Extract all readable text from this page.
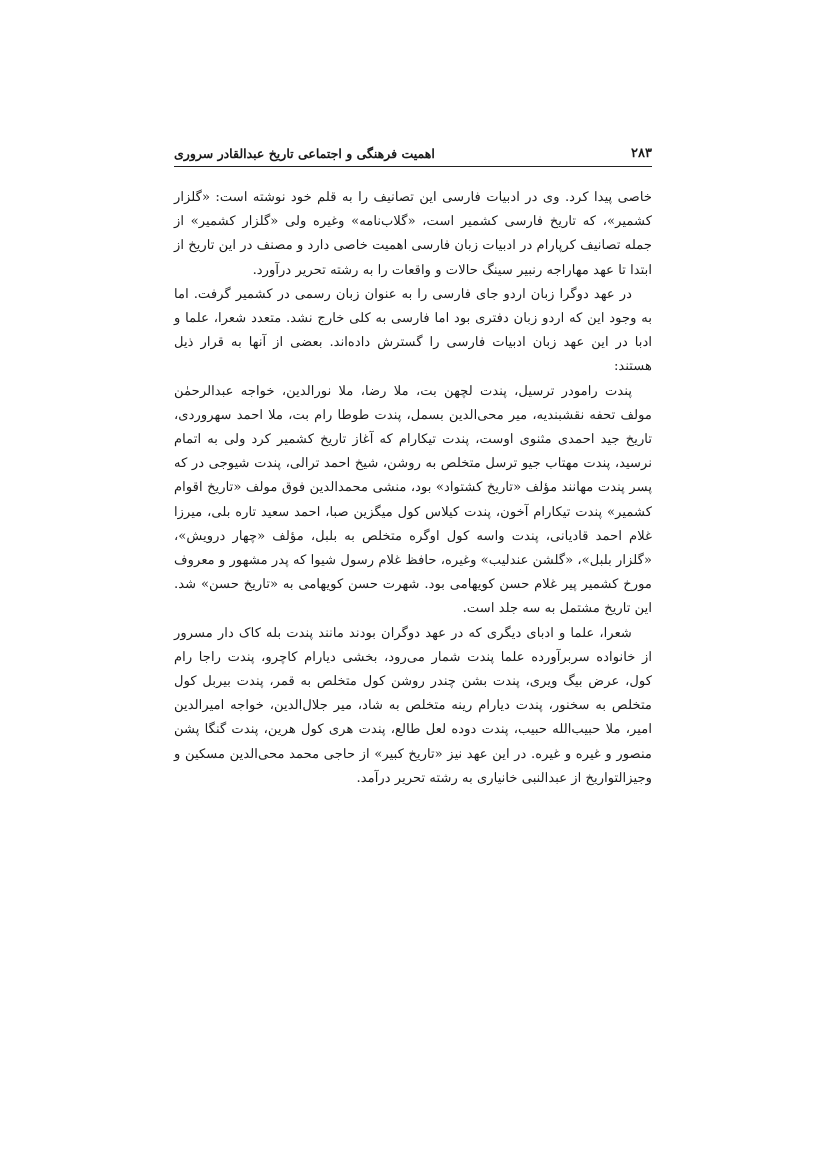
۲۸۳
اهمیت فرهنگی و اجتماعی تاریخ عبدالقادر سروری

خاصی پیدا کرد. وی در ادبیات فارسی این تصانیف را به قلم خود نوشته است: «گلزار کشمیر»، که تاریخ فارسی کشمیر است، «گلاب‌نامه» وغیره ولی «گلزار کشمیر» از جمله تصانیف کرپارام در ادبیات زبان فارسی اهمیت خاصی دارد و مصنف در این تاریخ از ابتدا تا عهد مهاراجه رنبیر سینگ حالات و واقعات را به رشته تحریر درآورد.

در عهد دوگرا زبان اردو جای فارسی را به عنوان زبان رسمی در کشمیر گرفت. اما به وجود این که اردو زبان دفتری بود اما فارسی به کلی خارج نشد. متعدد شعرا، علما و ادبا در این عهد زبان ادبیات فارسی را گسترش داده‌اند. بعضی از آنها به قرار ذیل هستند:

پندت رامودر ترسیل، پندت لچهن بت، ملا رضا، ملا نورالدین، خواجه عبدالرحمٰن مولف تحفه نقشبندیه، میر محی‌الدین بسمل، پندت طوطا رام بت، ملا احمد سهروردی، تاریخ جید احمدی مثنوی اوست، پندت تیکارام که آغاز تاریخ کشمیر کرد ولی به اتمام نرسید، پندت مهتاب جیو ترسل متخلص به روشن، شیخ احمد ترالی، پندت شیوجی در که پسر پندت مهانند مؤلف «تاریخ کشتواد» بود، منشی محمدالدین فوق مولف «تاریخ اقوام کشمیر» پندت تیکارام آخون، پندت کیلاس کول میگزین صبا، احمد سعید تاره بلی، میرزا غلام احمد قادیانی، پندت واسه کول اوگره متخلص به بلبل، مؤلف «چهار درویش»، «گلزار بلبل»، «گلشن عندلیب» وغیره، حافظ غلام رسول شیوا که پدر مشهور و معروف مورخ کشمیر پیر غلام حسن کویهامی بود. شهرت حسن کویهامی به «تاریخ حسن» شد. این تاریخ مشتمل به سه جلد است.

شعرا، علما و ادبای دیگری که در عهد دوگران بودند مانند پندت بله کاک دار مسرور از خانواده سربرآورده علما پندت شمار می‌رود، بخشی دیارام کاچرو، پندت راجا رام کول، عرض بیگ ویری، پندت بشن چندر روشن کول متخلص به قمر، پندت بیربل کول متخلص به سخنور، پندت دیارام رینه متخلص به شاد، میر جلال‌الدین، خواجه امیرالدین امیر، ملا حبیب‌الله حبیب، پندت دوده لعل طالع، پندت هری کول هرین، پندت گنگا پشن منصور و غیره و غیره. در این عهد نیز «تاریخ کبیر» از حاجی محمد محی‌الدین مسکین و وجیزالتواریخ از عبدالنبی خانیاری به رشته تحریر درآمد.
